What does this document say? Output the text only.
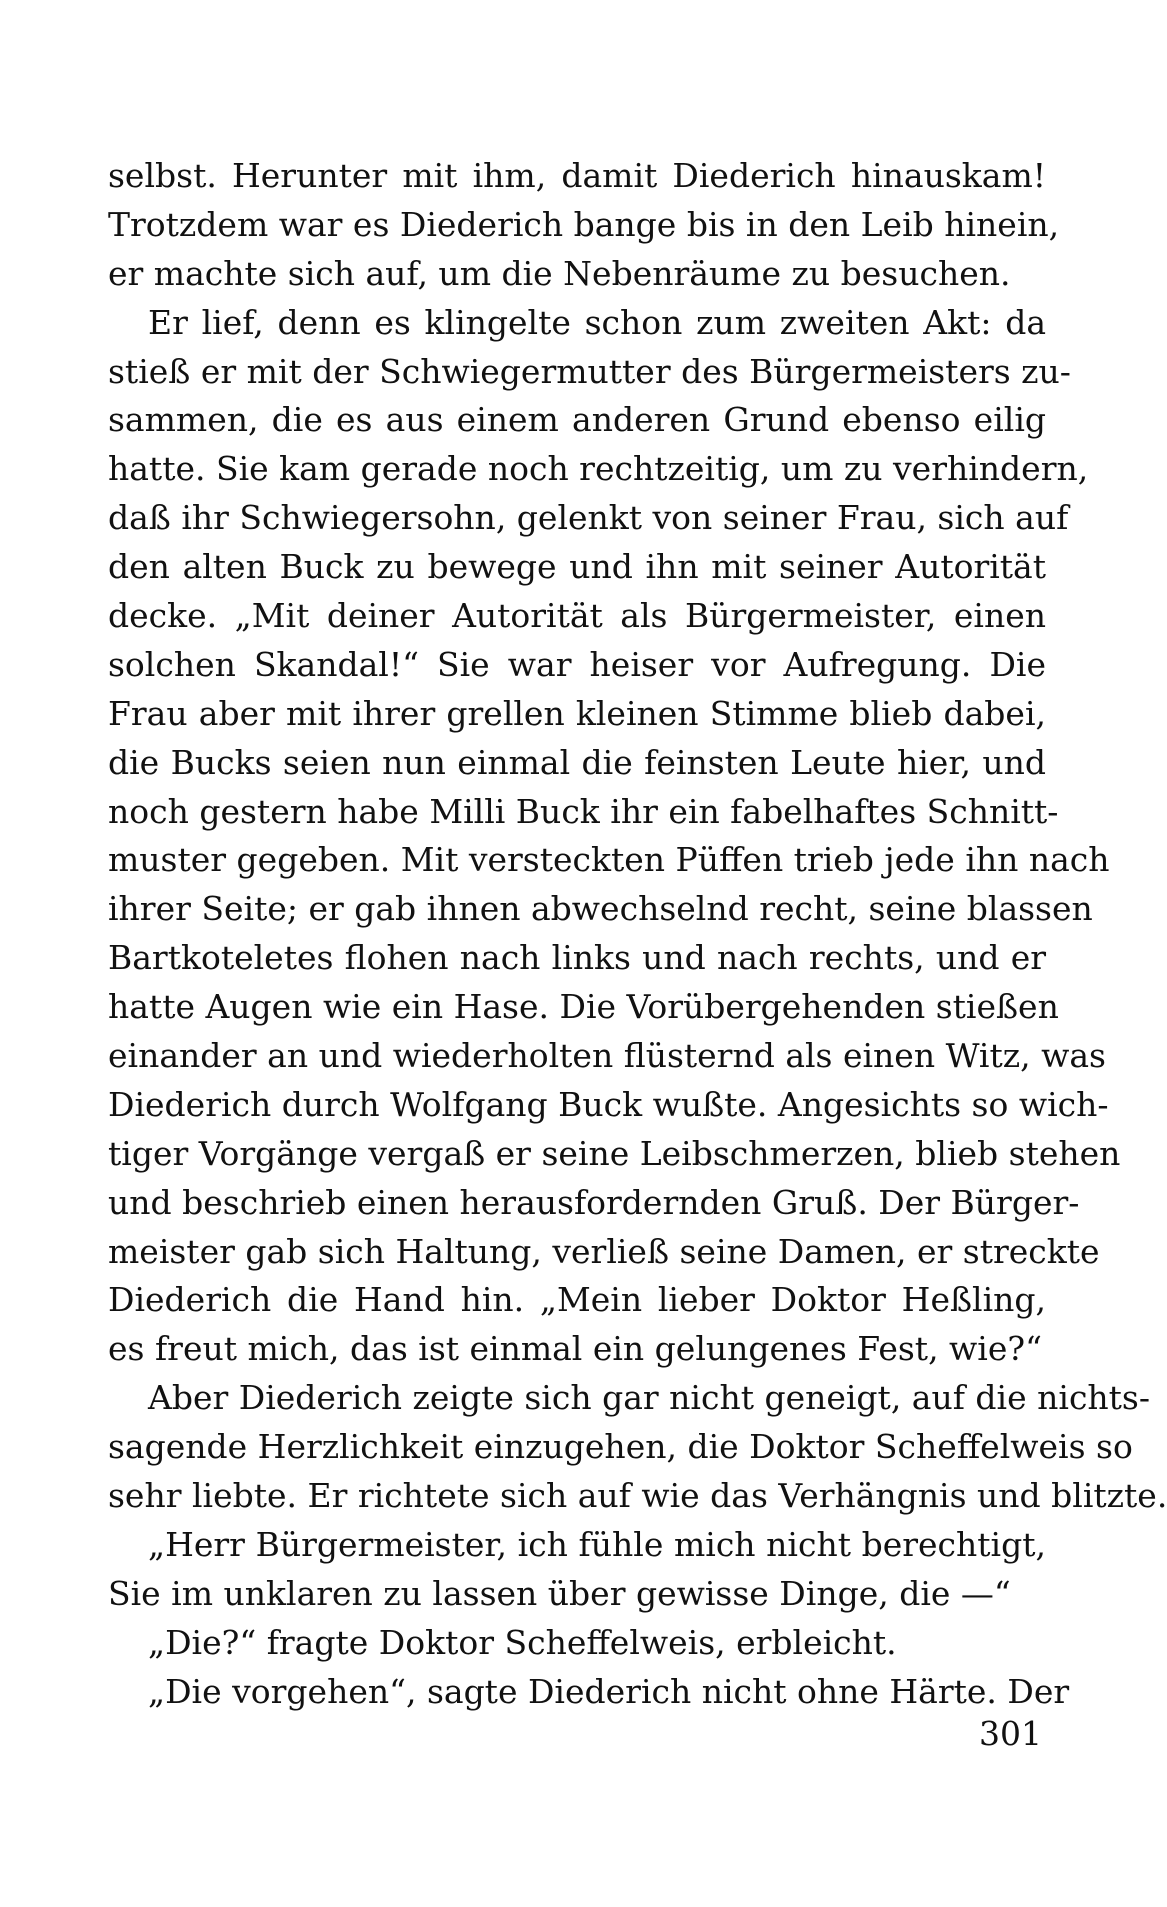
selbst. Herunter mit ihm, damit Diederich hinauskam!
Trotzdem war es Diederich bange bis in den Leib hinein,
er machte sich auf, um die Nebenräume zu besuchen.
Er lief, denn es klingelte schon zum zweiten Akt: da
stieß er mit der Schwiegermutter des Bürgermeisters zu-
sammen, die es aus einem anderen Grund ebenso eilig
hatte. Sie kam gerade noch rechtzeitig, um zu verhindern,
daß ihr Schwiegersohn, gelenkt von seiner Frau, sich auf
den alten Buck zu bewege und ihn mit seiner Autorität
decke. „Mit deiner Autorität als Bürgermeister, einen
solchen Skandal!“ Sie war heiser vor Aufregung. Die
Frau aber mit ihrer grellen kleinen Stimme blieb dabei,
die Bucks seien nun einmal die feinsten Leute hier, und
noch gestern habe Milli Buck ihr ein fabelhaftes Schnitt-
muster gegeben. Mit versteckten Püffen trieb jede ihn nach
ihrer Seite; er gab ihnen abwechselnd recht, seine blassen
Bartkoteletes flohen nach links und nach rechts, und er
hatte Augen wie ein Hase. Die Vorübergehenden stießen
einander an und wiederholten flüsternd als einen Witz, was
Diederich durch Wolfgang Buck wußte. Angesichts so wich-
tiger Vorgänge vergaß er seine Leibschmerzen, blieb stehen
und beschrieb einen herausfordernden Gruß. Der Bürger-
meister gab sich Haltung, verließ seine Damen, er streckte
Diederich die Hand hin. „Mein lieber Doktor Heßling,
es freut mich, das ist einmal ein gelungenes Fest, wie?“
Aber Diederich zeigte sich gar nicht geneigt, auf die nichts-
sagende Herzlichkeit einzugehen, die Doktor Scheffelweis so
sehr liebte. Er richtete sich auf wie das Verhängnis und blitzte.
„Herr Bürgermeister, ich fühle mich nicht berechtigt,
Sie im unklaren zu lassen über gewisse Dinge, die —“
„Die?“ fragte Doktor Scheffelweis, erbleicht.
„Die vorgehen“, sagte Diederich nicht ohne Härte. Der
301
